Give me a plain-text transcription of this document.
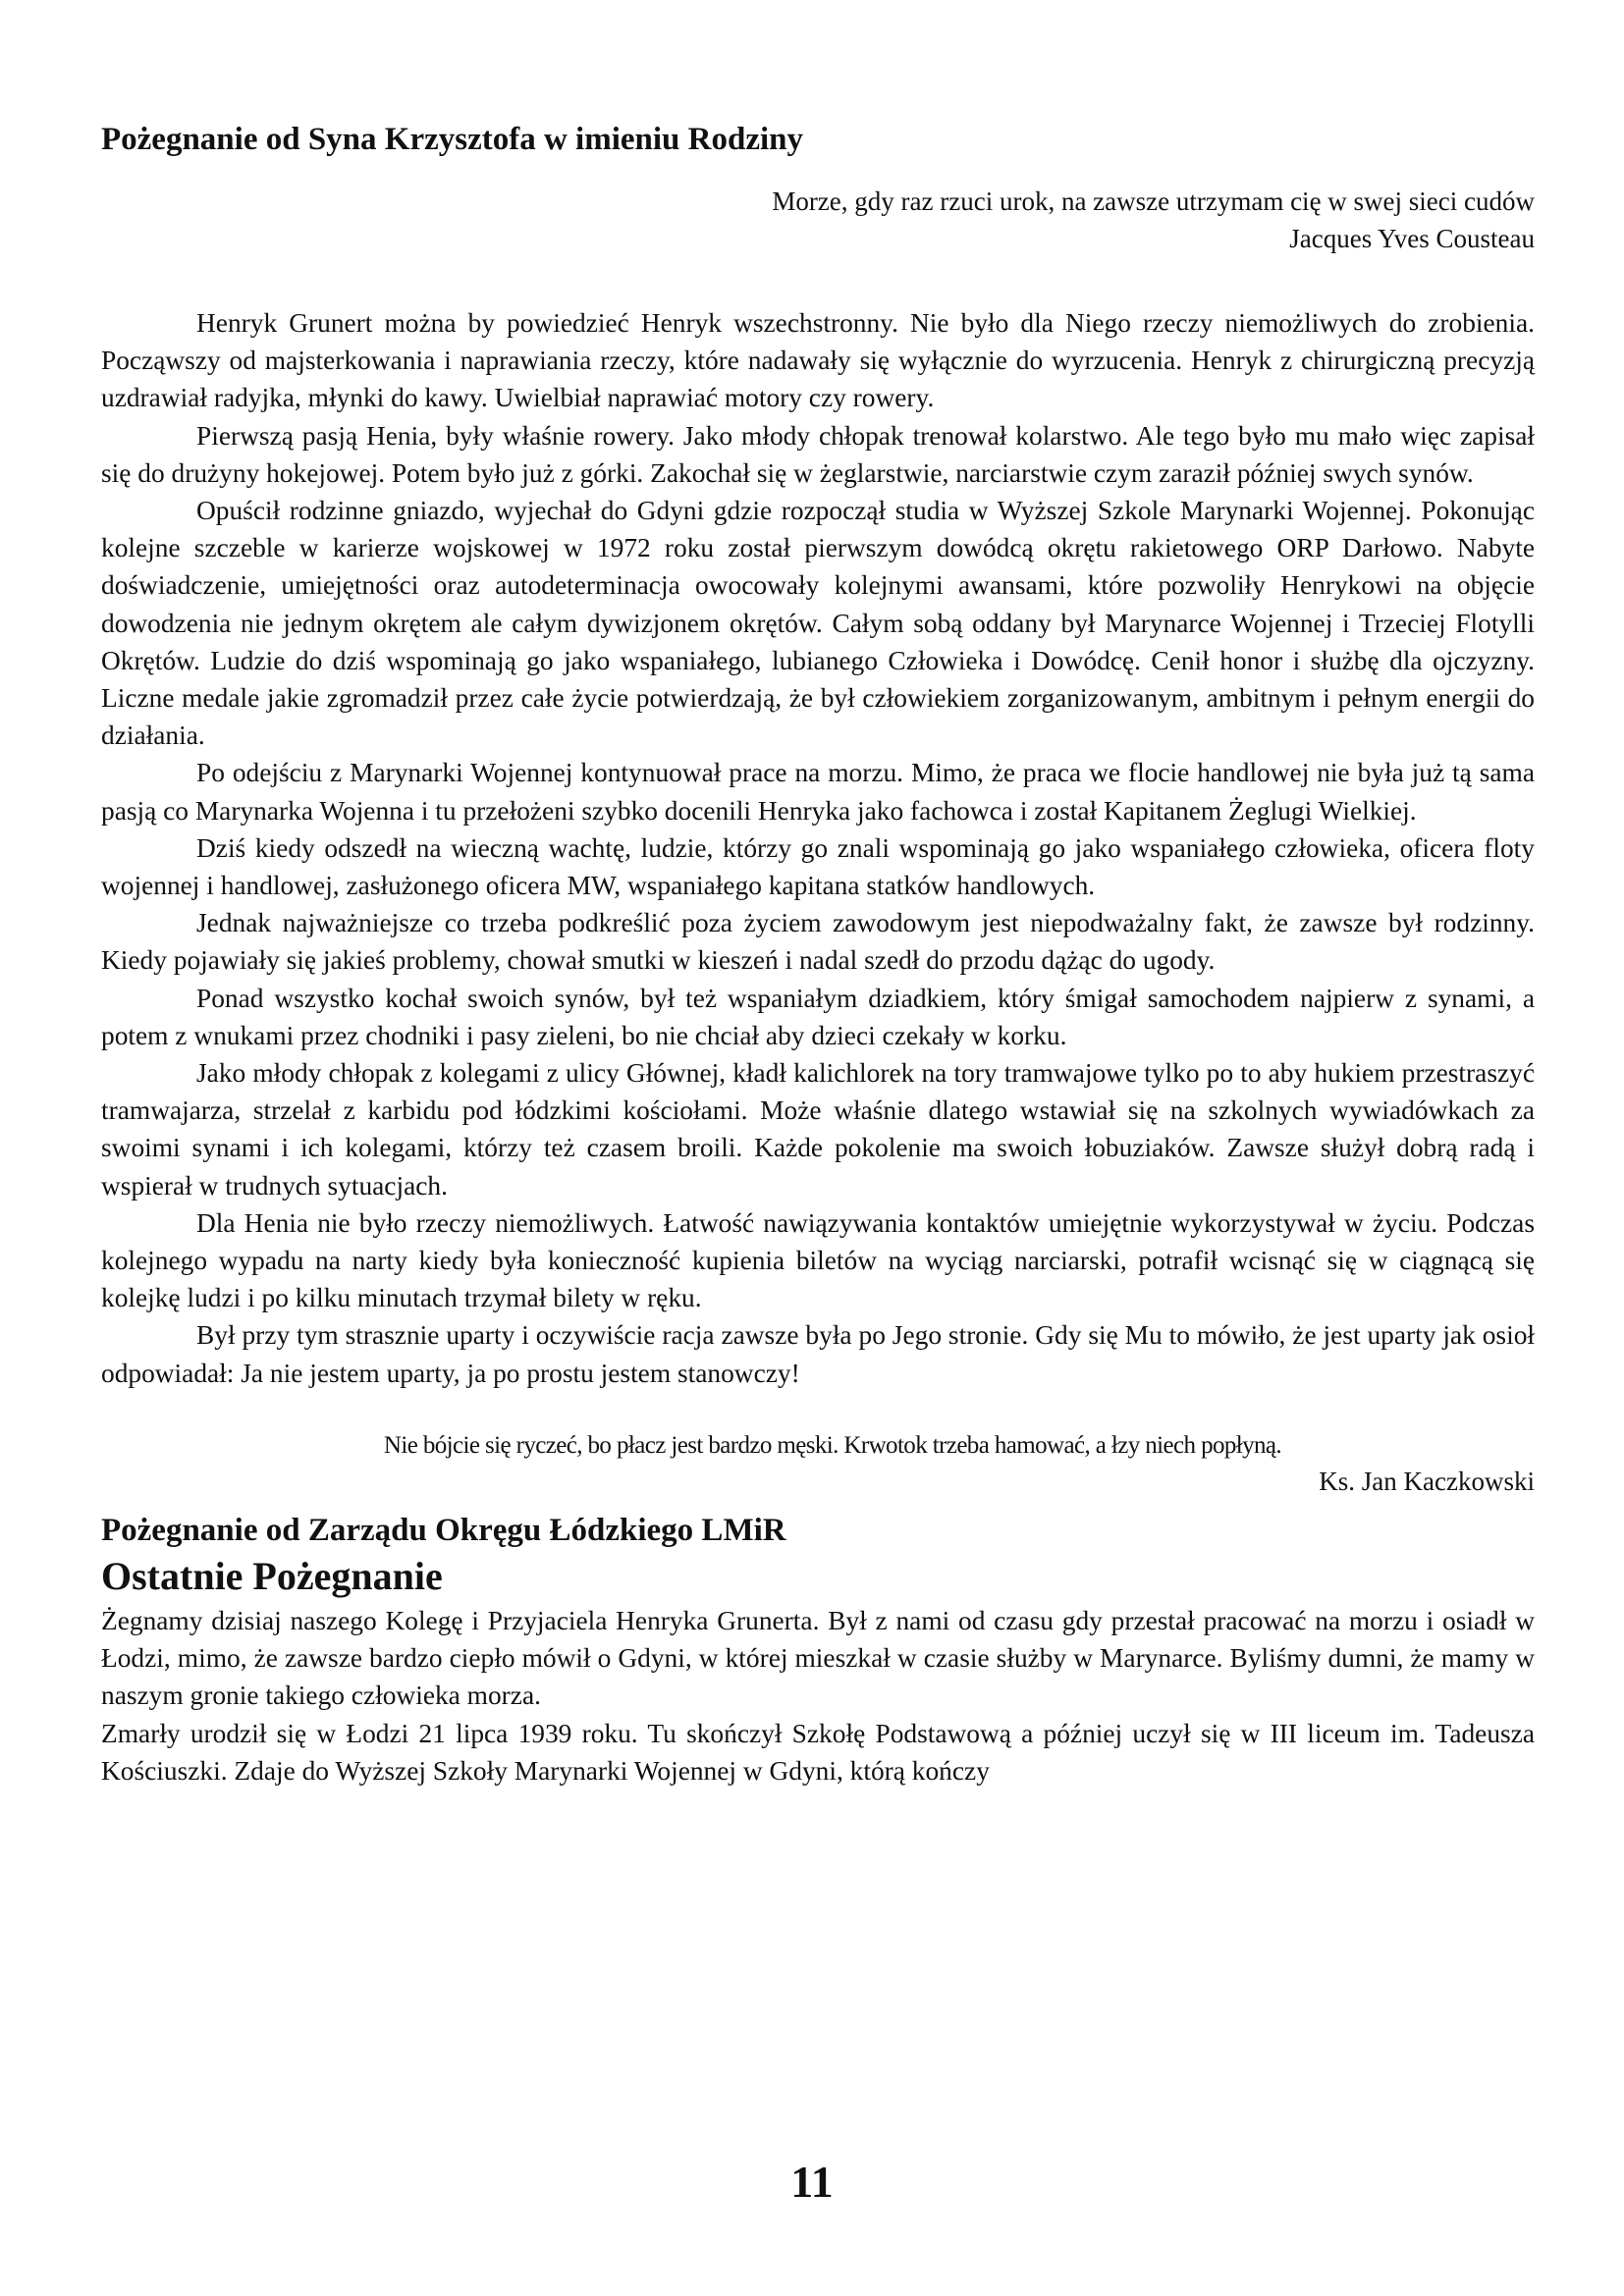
Pożegnanie od Syna Krzysztofa w imieniu Rodziny
Morze, gdy raz rzuci urok, na zawsze utrzymam cię w swej sieci cudów
Jacques Yves Cousteau

Henryk Grunert można by powiedzieć Henryk wszechstronny. Nie było dla Niego rzeczy niemożliwych do zrobienia. Począwszy od majsterkowania i naprawiania rzeczy, które nadawały się wyłącznie do wyrzucenia. Henryk z chirurgiczną precyzją uzdrawiał radyjka, młynki do kawy. Uwielbiał naprawiać motory czy rowery.

Pierwszą pasją Henia, były właśnie rowery. Jako młody chłopak trenował kolarstwo. Ale tego było mu mało więc zapisał się do drużyny hokejowej. Potem było już z górki. Zakochał się w żeglarstwie, narciarstwie czym zaraził później swych synów.

Opuścił rodzinne gniazdo, wyjechał do Gdyni gdzie rozpoczął studia w Wyższej Szkole Marynarki Wojennej. Pokonując kolejne szczeble w karierze wojskowej w 1972 roku został pierwszym dowódcą okrętu rakietowego ORP Darłowo. Nabyte doświadczenie, umiejętności oraz autodeterminacja owocowały kolejnymi awansami, które pozwoliły Henrykowi na objęcie dowodzenia nie jednym okrętem ale całym dywizjonem okrętów. Całym sobą oddany był Marynarce Wojennej i Trzeciej Flotylli Okrętów. Ludzie do dziś wspominają go jako wspaniałego, lubianego Człowieka i Dowódcę. Cenił honor i służbę dla ojczyzny. Liczne medale jakie zgromadził przez całe życie potwierdzają, że był człowiekiem zorganizowanym, ambitnym i pełnym energii do działania.

Po odejściu z Marynarki Wojennej kontynuował prace na morzu. Mimo, że praca we flocie handlowej nie była już tą sama pasją co Marynarka Wojenna i tu przełożeni szybko docenili Henryka jako fachowca i został Kapitanem Żeglugi Wielkiej.

Dziś kiedy odszedł na wieczną wachtę, ludzie, którzy go znali wspominają go jako wspaniałego człowieka, oficera floty wojennej i handlowej, zasłużonego oficera MW, wspaniałego kapitana statków handlowych.

Jednak najważniejsze co trzeba podkreślić poza życiem zawodowym jest niepodważalny fakt, że zawsze był rodzinny. Kiedy pojawiały się jakieś problemy, chował smutki w kieszeń i nadal szedł do przodu dążąc do ugody.

Ponad wszystko kochał swoich synów, był też wspaniałym dziadkiem, który śmigał samochodem najpierw z synami, a potem z wnukami przez chodniki i pasy zieleni, bo nie chciał aby dzieci czekały w korku.

Jako młody chłopak z kolegami z ulicy Głównej, kładł kalichlorek na tory tramwajowe tylko po to aby hukiem przestraszyć tramwajarza, strzelał z karbidu pod łódzkimi kościołami. Może właśnie dlatego wstawiał się na szkolnych wywiadówkach za swoimi synami i ich kolegami, którzy też czasem broili. Każde pokolenie ma swoich łobuziaków. Zawsze służył dobrą radą i wspierał w trudnych sytuacjach.

Dla Henia nie było rzeczy niemożliwych. Łatwość nawiązywania kontaktów umiejętnie wykorzystywał w życiu. Podczas kolejnego wypadu na narty kiedy była konieczność kupienia biletów na wyciąg narciarski, potrafił wcisnąć się w ciągnącą się kolejkę ludzi i po kilku minutach trzymał bilety w ręku.

Był przy tym strasznie uparty i oczywiście racja zawsze była po Jego stronie. Gdy się Mu to mówiło, że jest uparty jak osioł odpowiadał: Ja nie jestem uparty, ja po prostu jestem stanowczy!

Nie bójcie się ryczeć, bo płacz jest bardzo męski. Krwotok trzeba hamować, a łzy niech popłyną.
Ks. Jan Kaczkowski
Pożegnanie od Zarządu Okręgu Łódzkiego LMiR
Ostatnie Pożegnanie

Żegnamy dzisiaj naszego Kolegę i Przyjaciela Henryka Grunerta. Był z nami od czasu gdy przestał pracować na morzu i osiadł w Łodzi, mimo, że zawsze bardzo ciepło mówił o Gdyni, w której mieszkał w czasie służby w Marynarce. Byliśmy dumni, że mamy w naszym gronie takiego człowieka morza.

Zmarły urodził się w Łodzi 21 lipca 1939 roku. Tu skończył Szkołę Podstawową a później uczył się w III liceum im. Tadeusza Kościuszki. Zdaje do Wyższej Szkoły Marynarki Wojennej w Gdyni, którą kończy

11
